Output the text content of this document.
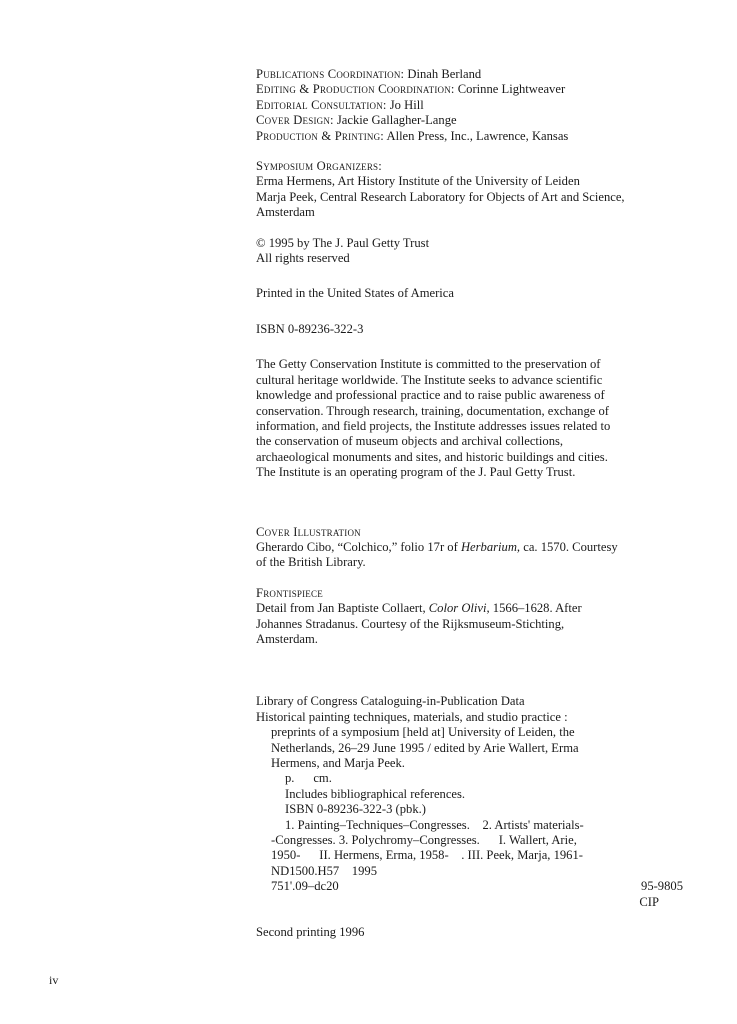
Publications Coordination: Dinah Berland
Editing & Production Coordination: Corinne Lightweaver
Editorial Consultation: Jo Hill
Cover Design: Jackie Gallagher-Lange
Production & Printing: Allen Press, Inc., Lawrence, Kansas
Symposium Organizers:
Erma Hermens, Art History Institute of the University of Leiden
Marja Peek, Central Research Laboratory for Objects of Art and Science,
Amsterdam
© 1995 by The J. Paul Getty Trust
All rights reserved
Printed in the United States of America
ISBN 0-89236-322-3
The Getty Conservation Institute is committed to the preservation of
cultural heritage worldwide. The Institute seeks to advance scientific
knowledge and professional practice and to raise public awareness of
conservation. Through research, training, documentation, exchange of
information, and field projects, the Institute addresses issues related to
the conservation of museum objects and archival collections,
archaeological monuments and sites, and historic buildings and cities.
The Institute is an operating program of the J. Paul Getty Trust.
Cover Illustration
Gherardo Cibo, “Colchico,” folio 17r of Herbarium, ca. 1570. Courtesy
of the British Library.
Frontispiece
Detail from Jan Baptiste Collaert, Color Olivi, 1566–1628. After
Johannes Stradanus. Courtesy of the Rijksmuseum-Stichting,
Amsterdam.
Library of Congress Cataloguing-in-Publication Data
Historical painting techniques, materials, and studio practice :
preprints of a symposium [held at] University of Leiden, the
Netherlands, 26–29 June 1995 / edited by Arie Wallert, Erma
Hermens, and Marja Peek.
p.      cm.
Includes bibliographical references.
ISBN 0-89236-322-3 (pbk.)
1. Painting–Techniques–Congresses.    2. Artists' materials-
-Congresses. 3. Polychromy–Congresses.      I. Wallert, Arie,
1950-      II. Hermens, Erma, 1958-    . III. Peek, Marja, 1961-
ND1500.H57    1995
751'.09–dc20	95-9805
CIP
Second printing 1996
iv
